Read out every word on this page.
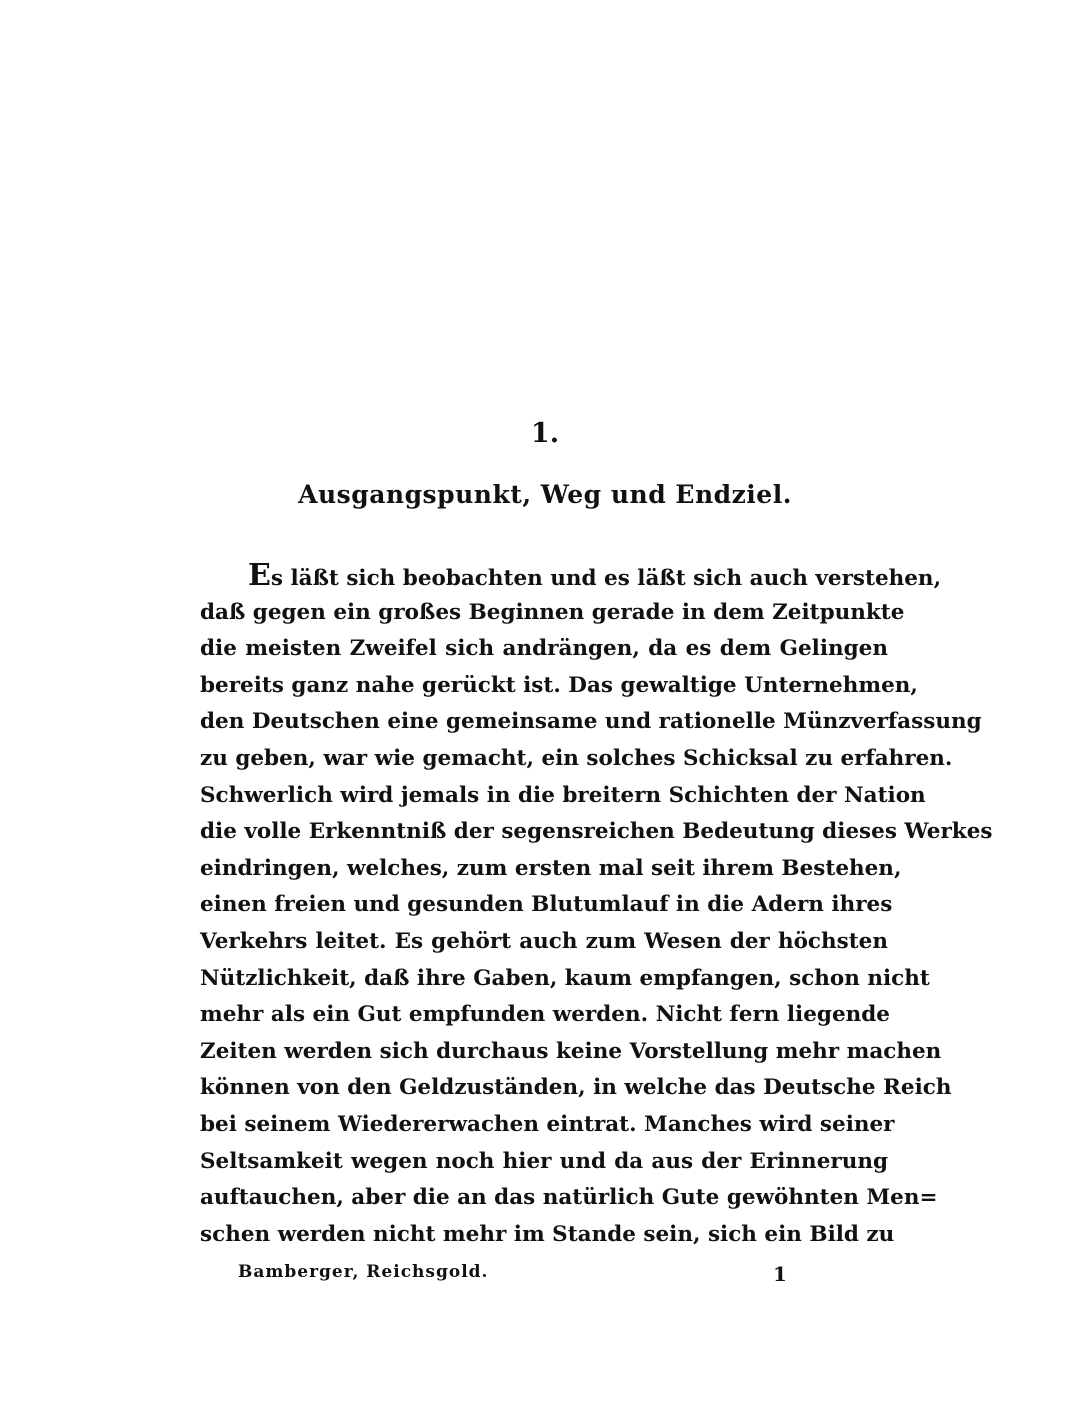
1.
Ausgangspunkt, Weg und Endziel.
Es läßt sich beobachten und es läßt sich auch verstehen,
daß gegen ein großes Beginnen gerade in dem Zeitpunkte
die meisten Zweifel sich andrängen, da es dem Gelingen
bereits ganz nahe gerückt ist. Das gewaltige Unternehmen,
den Deutschen eine gemeinsame und rationelle Münzverfassung
zu geben, war wie gemacht, ein solches Schicksal zu erfahren.
Schwerlich wird jemals in die breitern Schichten der Nation
die volle Erkenntniß der segensreichen Bedeutung dieses Werkes
eindringen, welches, zum ersten mal seit ihrem Bestehen,
einen freien und gesunden Blutumlauf in die Adern ihres
Verkehrs leitet. Es gehört auch zum Wesen der höchsten
Nützlichkeit, daß ihre Gaben, kaum empfangen, schon nicht
mehr als ein Gut empfunden werden. Nicht fern liegende
Zeiten werden sich durchaus keine Vorstellung mehr machen
können von den Geldzuständen, in welche das Deutsche Reich
bei seinem Wiedererwachen eintrat. Manches wird seiner
Seltsamkeit wegen noch hier und da aus der Erinnerung
auftauchen, aber die an das natürlich Gute gewöhnten Men=
schen werden nicht mehr im Stande sein, sich ein Bild zu
Bamberger, Reichsgold.	1
